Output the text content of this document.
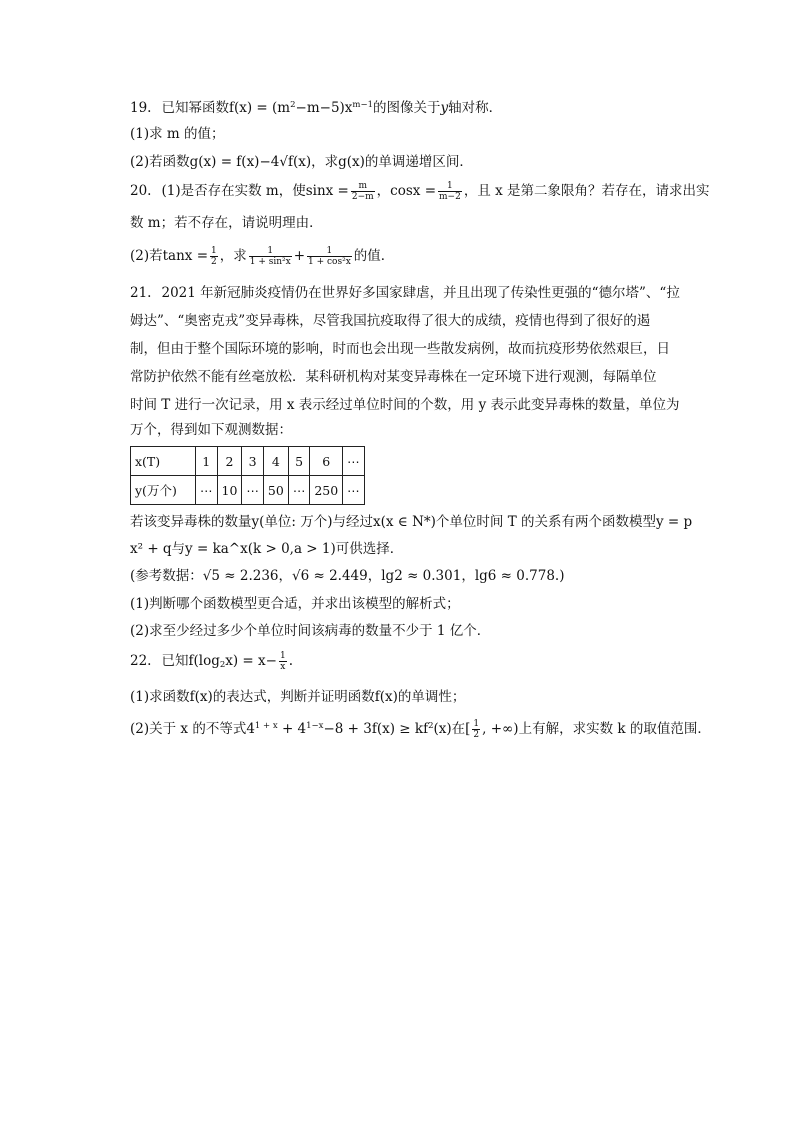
19. 已知幂函数$f(x) = (m^2-m-5)x^{m-1}$的图像关于y轴对称．
(1)求 m 的值；
(2)若函数g(x) = f(x)−4√f(x)，求g(x)的单调递增区间．
20. (1)是否存在实数 m，使$\sin x = \frac{m}{2-m}$ ，$\cos x = \frac{1}{m-2}$ ，且 x 是第二象限角？若存在，请求出实
数 m；若不存在，请说明理由．
(2)若$\tan x = \frac{1}{2}$ ，求 $\frac{1}{\text{1 + sin²x}} + \frac{1}{\text{1 + cos²x}}$ 的值．
21. 2021 年新冠肺炎疫情仍在世界好多国家肆虐，并且出现了传染性更强的“德尔塔”、“拉
姆达”、“奥密克戎”变异毒株，尽管我国抗疫取得了很大的成绩，疫情也得到了很好的遏
制，但由于整个国际环境的影响，时而也会出现一些散发病例，故而抗疫形势依然艰巨，日
常防护依然不能有丝毫放松．某科研机构对某变异毒株在一定环境下进行观测，每隔单位
时间 T 进行一次记录，用 x 表示经过单位时间的个数，用 y 表示此变异毒株的数量，单位为
万个，得到如下观测数据：
x(T)	1	2	3	4	5	6	⋯
y(万个)	⋯	10	⋯	50	⋯	250	⋯
若该变异毒株的数量y(单位: 万个)与经过x(x ∈ N*)个单位时间 T 的关系有两个函数模型y = p
x² + q与y = ka^x(k > 0,a > 1)可供选择．
(参考数据：√5 ≈ 2.236，√6 ≈ 2.449，lg2 ≈ 0.301，lg6 ≈ 0.778.)
(1)判断哪个函数模型更合适，并求出该模型的解析式；
(2)求至少经过多少个单位时间该病毒的数量不少于 1 亿个．
22. 已知$f(\log_2x) = x- \frac{1}{x}$ .
(1)求函数f(x)的表达式，判断并证明函数f(x)的单调性；
(2)关于 x 的不等式$4^{1 + x} + 4^{1-x}-8 + 3f(x) \ge kf^2(x)$在[ $\frac{1}{2}$ , +∞)上有解，求实数 k 的取值范围．
